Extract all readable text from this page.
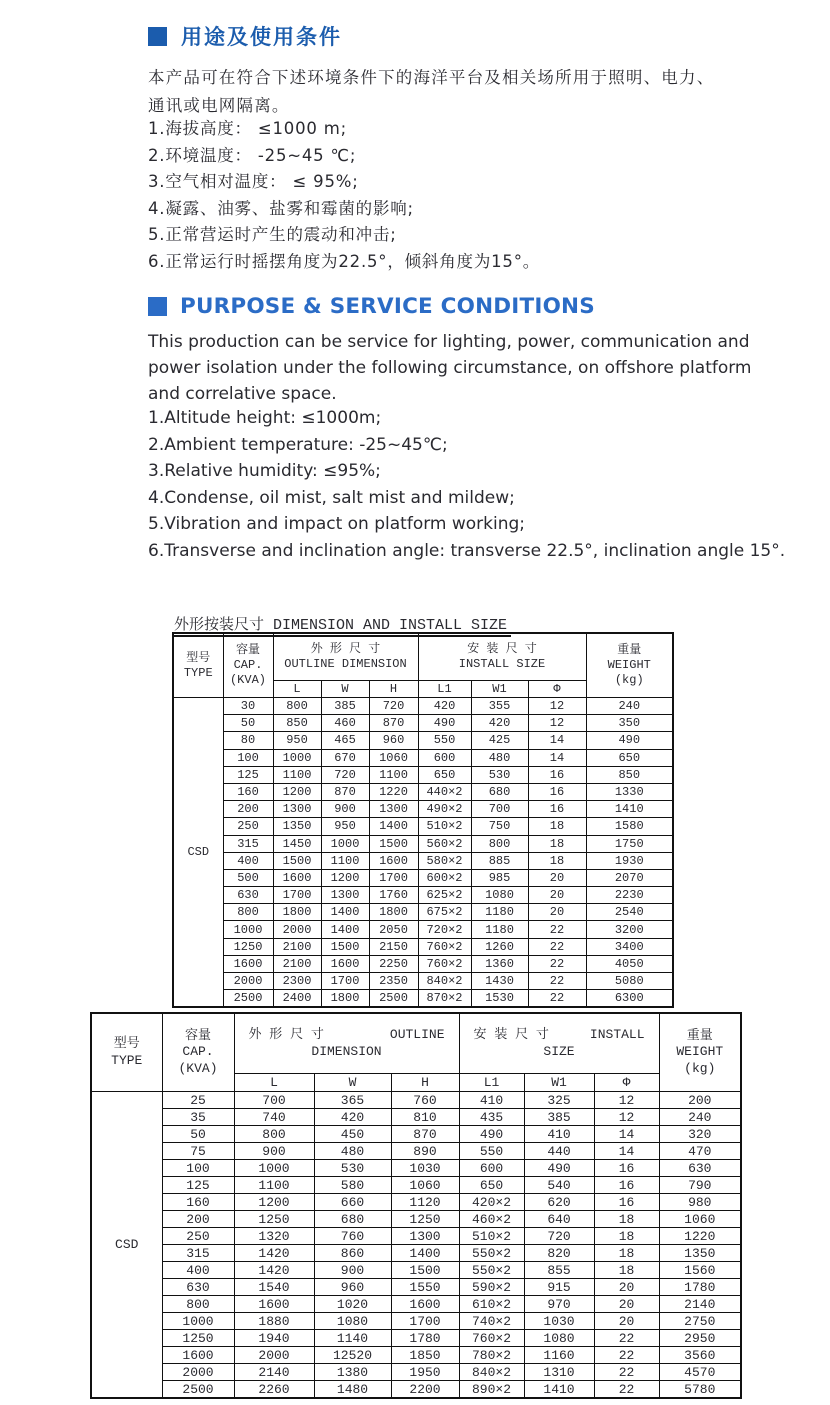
用途及使用条件
本产品可在符合下述环境条件下的海洋平台及相关场所用于照明、电力、
通讯或电网隔离。
1.海拔高度： ≤1000 m;
2.环境温度： -25~45 ℃;
3.空气相对温度： ≤ 95%;
4.凝露、油雾、盐雾和霉菌的影响;
5.正常营运时产生的震动和冲击;
6.正常运行时摇摆角度为22.5°，倾斜角度为15°。
PURPOSE & SERVICE CONDITIONS
This production can be service for lighting, power, communication and
power isolation under the following circumstance, on offshore platform
and correlative space.
1.Altitude height: ≤1000m;
2.Ambient temperature: -25~45℃;
3.Relative humidity: ≤95%;
4.Condense, oil mist, salt mist and mildew;
5.Vibration and impact on platform working;
6.Transverse and inclination angle: transverse 22.5°, inclination angle 15°.
外形按装尺寸 DIMENSION AND INSTALL SIZE
型号
TYPE

容量
CAP.
(KVA)

外 形 尺 寸
OUTLINE DIMENSION

安 装 尺 寸
INSTALL SIZE

重量
WEIGHT
(kg)

		L	W	H	L1	W1	Φ	
CSD	30	800	385	720	420	355	12	240
	50	850	460	870	490	420	12	350
	80	950	465	960	550	425	14	490
	100	1000	670	1060	600	480	14	650
	125	1100	720	1100	650	530	16	850
	160	1200	870	1220	440×2	680	16	1330
	200	1300	900	1300	490×2	700	16	1410
	250	1350	950	1400	510×2	750	18	1580
	315	1450	1000	1500	560×2	800	18	1750
	400	1500	1100	1600	580×2	885	18	1930
	500	1600	1200	1700	600×2	985	20	2070
	630	1700	1300	1760	625×2	1080	20	2230
	800	1800	1400	1800	675×2	1180	20	2540
	1000	2000	1400	2050	720×2	1180	22	3200
	1250	2100	1500	2150	760×2	1260	22	3400
	1600	2100	1600	2250	760×2	1360	22	4050
	2000	2300	1700	2350	840×2	1430	22	5080
	2500	2400	1800	2500	870×2	1530	22	6300
型号
TYPE

容量
CAP.
(KVA)

外 形 尺 寸	OUTLINE
DIMENSION

安 装 尺 寸	INSTALL
SIZE

重量
WEIGHT
(kg)

		L	W	H	L1	W1	Φ	
CSD	25	700	365	760	410	325	12	200
	35	740	420	810	435	385	12	240
	50	800	450	870	490	410	14	320
	75	900	480	890	550	440	14	470
	100	1000	530	1030	600	490	16	630
	125	1100	580	1060	650	540	16	790
	160	1200	660	1120	420×2	620	16	980
	200	1250	680	1250	460×2	640	18	1060
	250	1320	760	1300	510×2	720	18	1220
	315	1420	860	1400	550×2	820	18	1350
	400	1420	900	1500	550×2	855	18	1560
	630	1540	960	1550	590×2	915	20	1780
	800	1600	1020	1600	610×2	970	20	2140
	1000	1880	1080	1700	740×2	1030	20	2750
	1250	1940	1140	1780	760×2	1080	22	2950
	1600	2000	12520	1850	780×2	1160	22	3560
	2000	2140	1380	1950	840×2	1310	22	4570
	2500	2260	1480	2200	890×2	1410	22	5780
